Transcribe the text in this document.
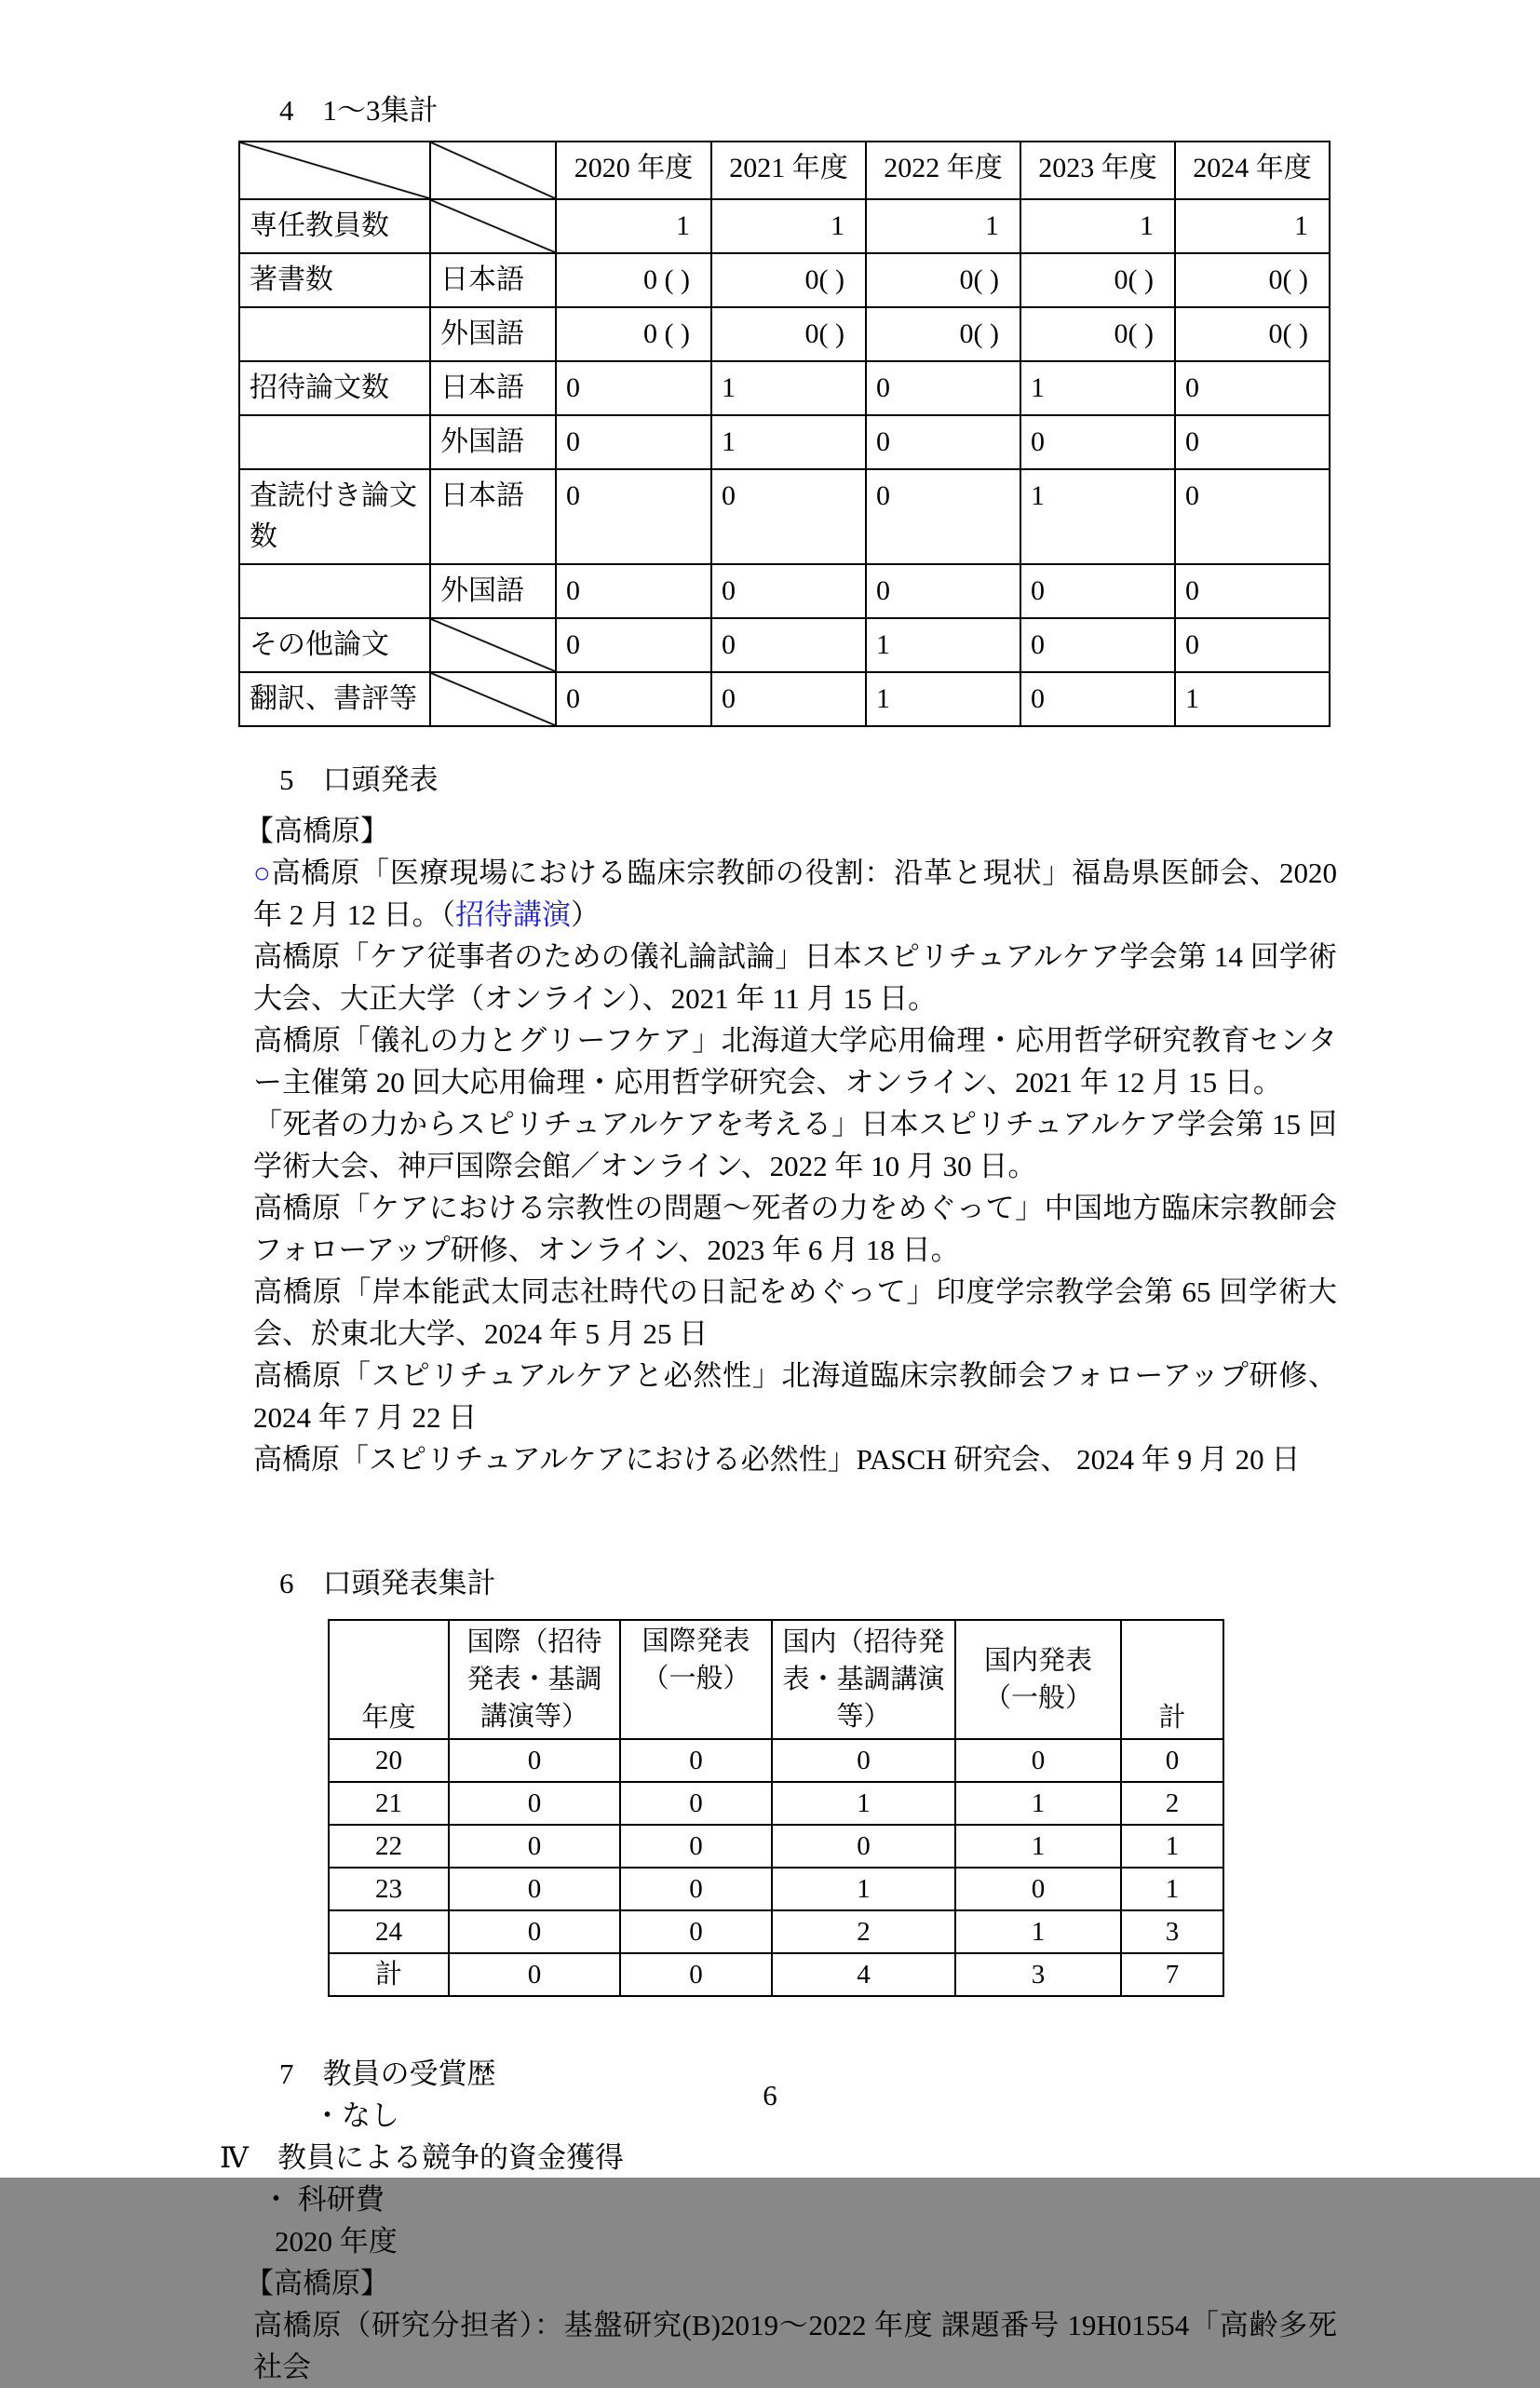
4　1～3集計
		2020 年度	2021 年度	2022 年度	2023 年度	2024 年度
専任教員数		1	1	1	1	1
著書数	日本語	0 ( )	0( )	0( )	0( )	0( )
	外国語	0 ( )	0( )	0( )	0( )	0( )
招待論文数	日本語	0	1	0	1	0
	外国語	0	1	0	0	0
査読付き論文数	日本語	0	0	0	1	0
	外国語	0	0	0	0	0
その他論文		0	0	1	0	0
翻訳、書評等		0	0	1	0	1
5　口頭発表
【高橋原】

○高橋原「医療現場における臨床宗教師の役割：沿革と現状」福島県医師会、2020 年 2 月 12 日。（招待講演）

高橋原「ケア従事者のための儀礼論試論」日本スピリチュアルケア学会第 14 回学術大会、大正大学（オンライン）、2021 年 11 月 15 日。

高橋原「儀礼の力とグリーフケア」北海道大学応用倫理・応用哲学研究教育センター主催第 20 回大応用倫理・応用哲学研究会、オンライン、2021 年 12 月 15 日。

「死者の力からスピリチュアルケアを考える」日本スピリチュアルケア学会第 15 回学術大会、神戸国際会館／オンライン、2022 年 10 月 30 日。

高橋原「ケアにおける宗教性の問題～死者の力をめぐって」中国地方臨床宗教師会フォローアップ研修、オンライン、2023 年 6 月 18 日。

高橋原「岸本能武太同志社時代の日記をめぐって」印度学宗教学会第 65 回学術大会、於東北大学、2024 年 5 月 25 日

高橋原「スピリチュアルケアと必然性」北海道臨床宗教師会フォローアップ研修、2024 年 7 月 22 日

高橋原「スピリチュアルケアにおける必然性」PASCH 研究会、 2024 年 9 月 20 日

6　口頭発表集計
年度	国際（招待発表・基調講演等）	国際発表（一般）	国内（招待発表・基調講演等）	国内発表（一般）	計
20	0	0	0	0	0
21	0	0	1	1	2
22	0	0	0	1	1
23	0	0	1	0	1
24	0	0	2	1	3
計	0	0	4	3	7
7　教員の受賞歴
・なし
Ⅳ　教員による競争的資金獲得
・ 科研費
2020 年度
【高橋原】

高橋原（研究分担者）：基盤研究(B)2019～2022 年度 課題番号 19H01554「高齢多死社会

6
